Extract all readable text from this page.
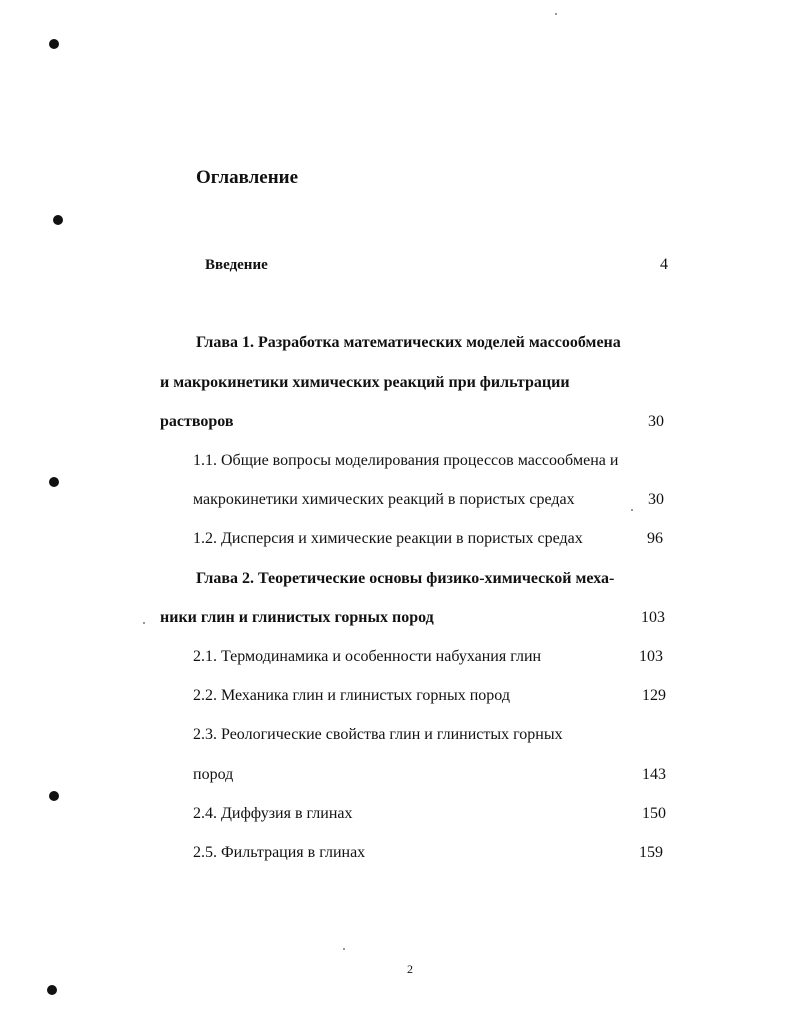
Оглавление
Введение	4
Глава 1. Разработка математических моделей массообмена
и макрокинетики химических реакций при фильтрации
растворов	30
1.1. Общие вопросы моделирования процессов массообмена и
макрокинетики химических реакций в пористых средах	30
1.2. Дисперсия и химические реакции в пористых средах	96
Глава 2. Теоретические основы физико-химической меха-
ники глин и глинистых горных пород	103
2.1. Термодинамика и особенности набухания глин	103
2.2. Механика глин и глинистых горных пород	129
2.3. Реологические свойства глин и глинистых горных
пород	143
2.4. Диффузия в глинах	150
2.5. Фильтрация в глинах	159
2
